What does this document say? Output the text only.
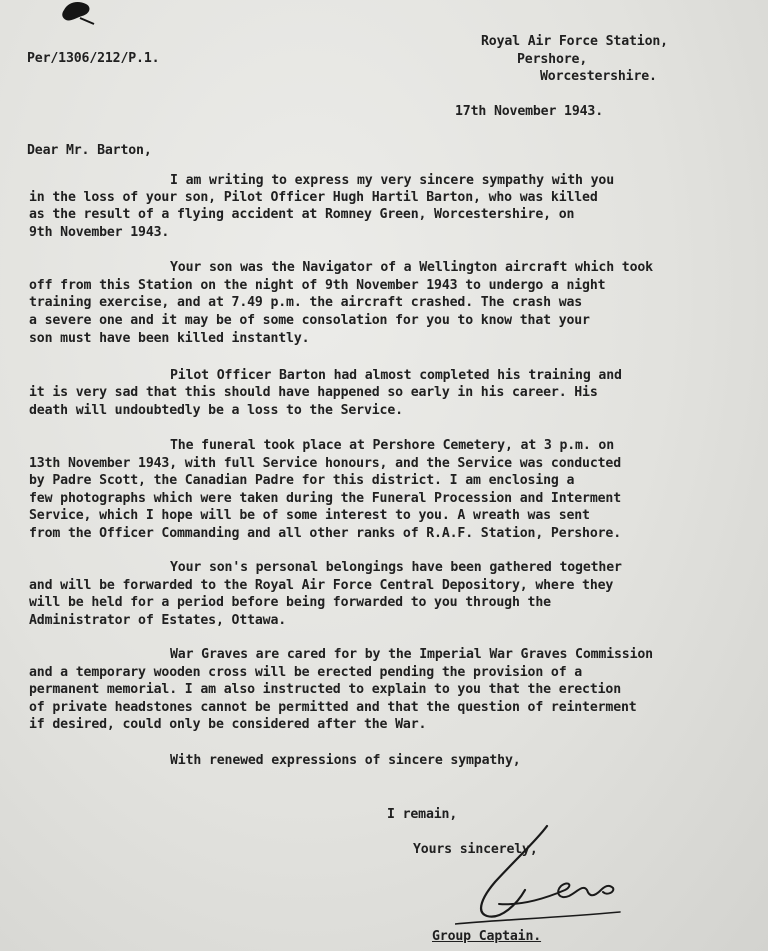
Per/1306/212/P.1.
Royal Air Force Station,
Pershore,
Worcestershire.
17th November 1943.
Dear Mr. Barton,
I am writing to express my very sincere sympathy with you
in the loss of your son, Pilot Officer Hugh Hartil Barton, who was killed
as the result of a flying accident at Romney Green, Worcestershire, on
9th November 1943.
Your son was the Navigator of a Wellington aircraft which took
off from this Station on the night of 9th November 1943 to undergo a night
training exercise, and at 7.49 p.m. the aircraft crashed. The crash was
a severe one and it may be of some consolation for you to know that your
son must have been killed instantly.
Pilot Officer Barton had almost completed his training and
it is very sad that this should have happened so early in his career. His
death will undoubtedly be a loss to the Service.
The funeral took place at Pershore Cemetery, at 3 p.m. on
13th November 1943, with full Service honours, and the Service was conducted
by Padre Scott, the Canadian Padre for this district. I am enclosing a
few photographs which were taken during the Funeral Procession and Interment
Service, which I hope will be of some interest to you. A wreath was sent
from the Officer Commanding and all other ranks of R.A.F. Station, Pershore.
Your son's personal belongings have been gathered together
and will be forwarded to the Royal Air Force Central Depository, where they
will be held for a period before being forwarded to you through the
Administrator of Estates, Ottawa.
War Graves are cared for by the Imperial War Graves Commission
and a temporary wooden cross will be erected pending the provision of a
permanent memorial. I am also instructed to explain to you that the erection
of private headstones cannot be permitted and that the question of reinterment
if desired, could only be considered after the War.
With renewed expressions of sincere sympathy,
I remain,
Yours sincerely,
Group Captain.
